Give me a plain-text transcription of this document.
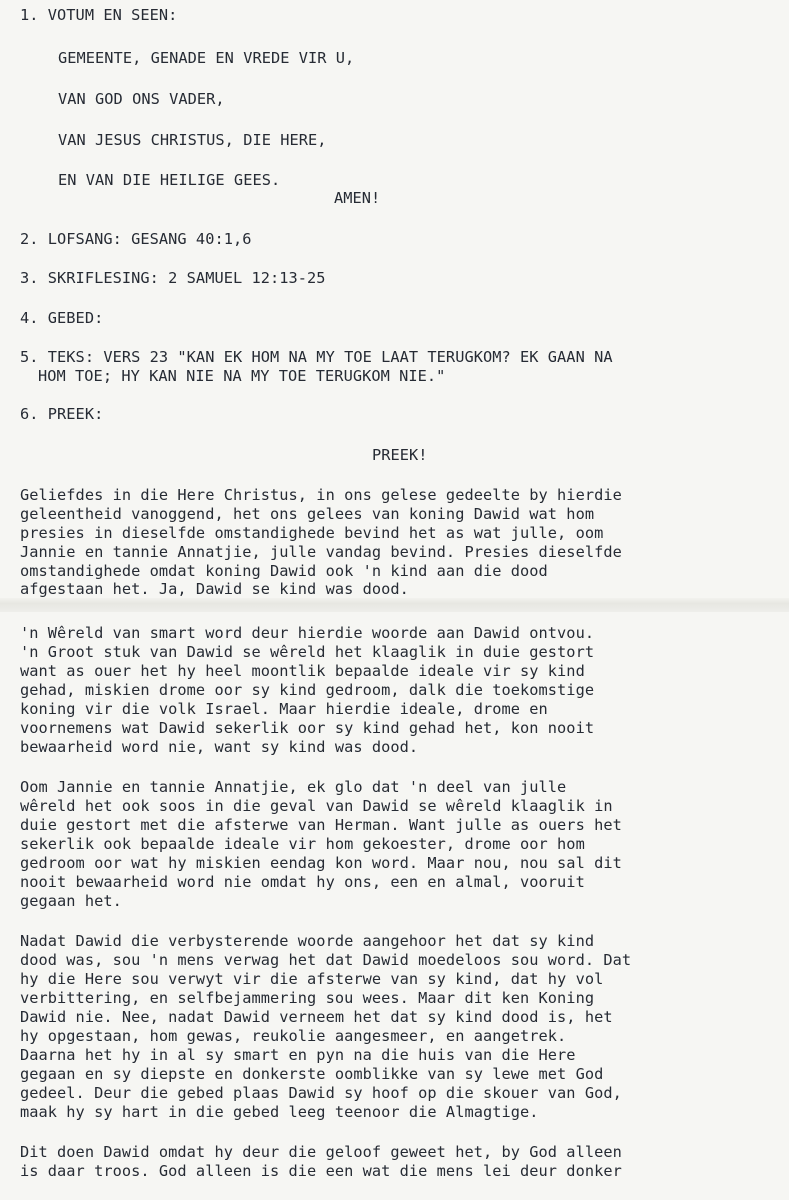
1. VOTUM EN SEEN:
GEMEENTE, GENADE EN VREDE VIR U,
VAN GOD ONS VADER,
VAN JESUS CHRISTUS, DIE HERE,
EN VAN DIE HEILIGE GEES.
AMEN!
2. LOFSANG: GESANG 40:1,6
3. SKRIFLESING: 2 SAMUEL 12:13-25
4. GEBED:
5. TEKS: VERS 23 "KAN EK HOM NA MY TOE LAAT TERUGKOM? EK GAAN NA
HOM TOE; HY KAN NIE NA MY TOE TERUGKOM NIE."
6. PREEK:
PREEK!
Geliefdes in die Here Christus, in ons gelese gedeelte by hierdie
geleentheid vanoggend, het ons gelees van koning Dawid wat hom
presies in dieselfde omstandighede bevind het as wat julle, oom
Jannie en tannie Annatjie, julle vandag bevind. Presies dieselfde
omstandighede omdat koning Dawid ook 'n kind aan die dood
afgestaan het. Ja, Dawid se kind was dood.
'n Wêreld van smart word deur hierdie woorde aan Dawid ontvou.
'n Groot stuk van Dawid se wêreld het klaaglik in duie gestort
want as ouer het hy heel moontlik bepaalde ideale vir sy kind
gehad, miskien drome oor sy kind gedroom, dalk die toekomstige
koning vir die volk Israel. Maar hierdie ideale, drome en
voornemens wat Dawid sekerlik oor sy kind gehad het, kon nooit
bewaarheid word nie, want sy kind was dood.
Oom Jannie en tannie Annatjie, ek glo dat 'n deel van julle
wêreld het ook soos in die geval van Dawid se wêreld klaaglik in
duie gestort met die afsterwe van Herman. Want julle as ouers het
sekerlik ook bepaalde ideale vir hom gekoester, drome oor hom
gedroom oor wat hy miskien eendag kon word. Maar nou, nou sal dit
nooit bewaarheid word nie omdat hy ons, een en almal, vooruit
gegaan het.
Nadat Dawid die verbysterende woorde aangehoor het dat sy kind
dood was, sou 'n mens verwag het dat Dawid moedeloos sou word. Dat
hy die Here sou verwyt vir die afsterwe van sy kind, dat hy vol
verbittering, en selfbejammering sou wees. Maar dit ken Koning
Dawid nie. Nee, nadat Dawid verneem het dat sy kind dood is, het
hy opgestaan, hom gewas, reukolie aangesmeer, en aangetrek.
Daarna het hy in al sy smart en pyn na die huis van die Here
gegaan en sy diepste en donkerste oomblikke van sy lewe met God
gedeel. Deur die gebed plaas Dawid sy hoof op die skouer van God,
maak hy sy hart in die gebed leeg teenoor die Almagtige.
Dit doen Dawid omdat hy deur die geloof geweet het, by God alleen
is daar troos. God alleen is die een wat die mens lei deur donker
